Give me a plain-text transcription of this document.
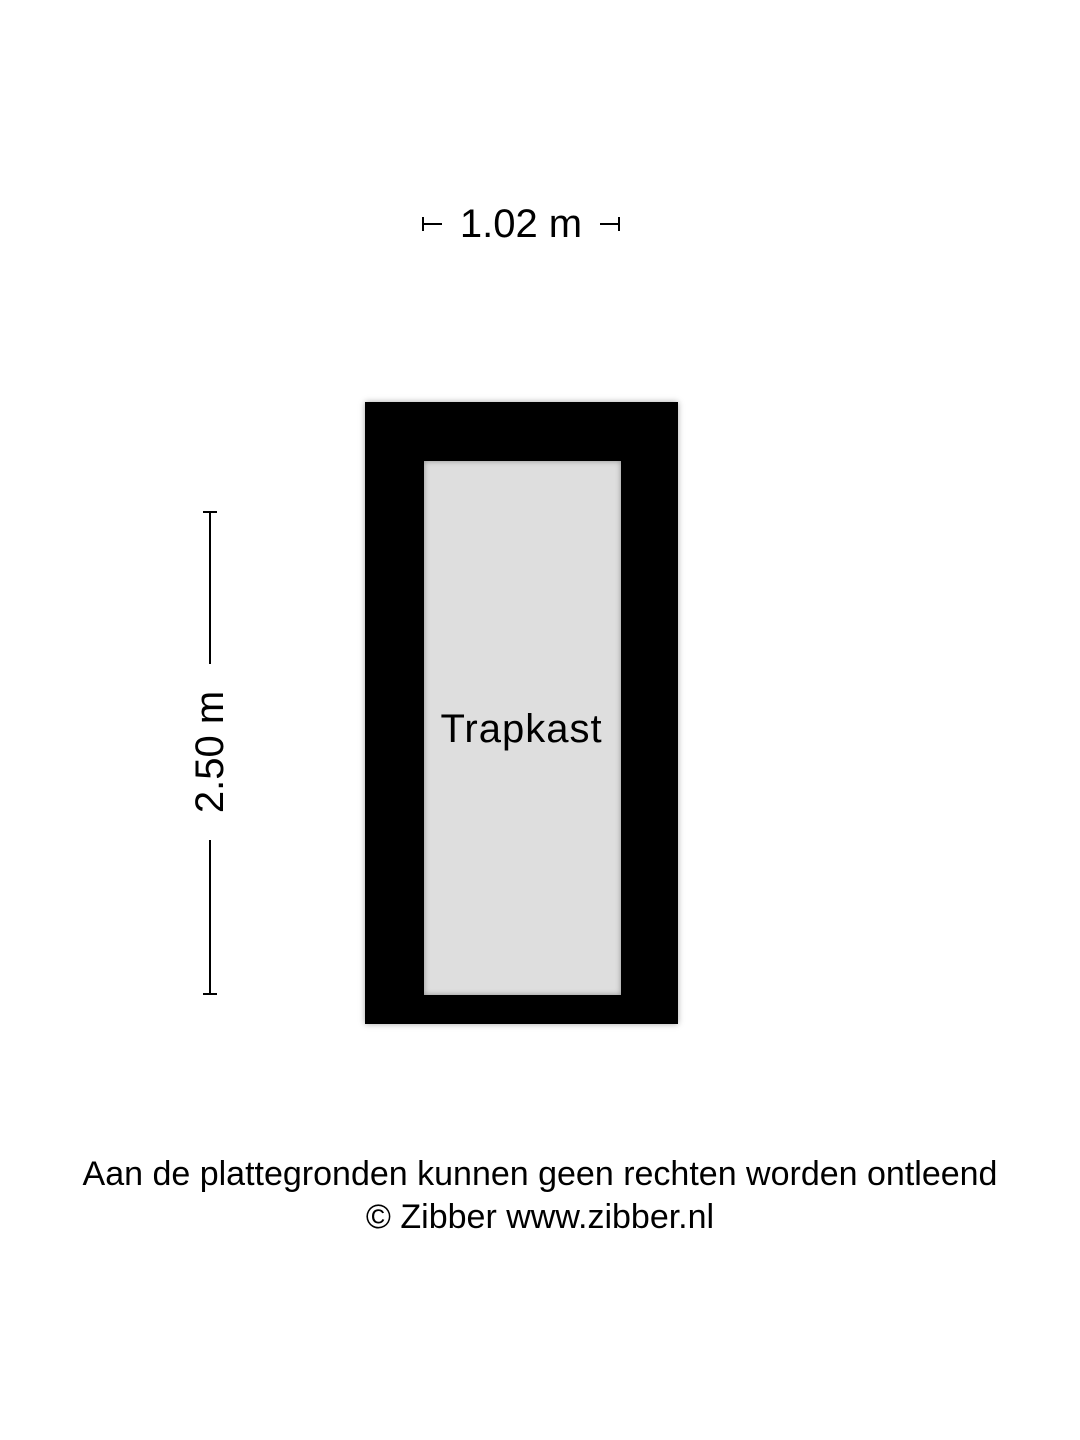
1.02 m
2.50 m	Trapkast
Aan de plattegronden kunnen geen rechten worden ontleend
© Zibber www.zibber.nl
